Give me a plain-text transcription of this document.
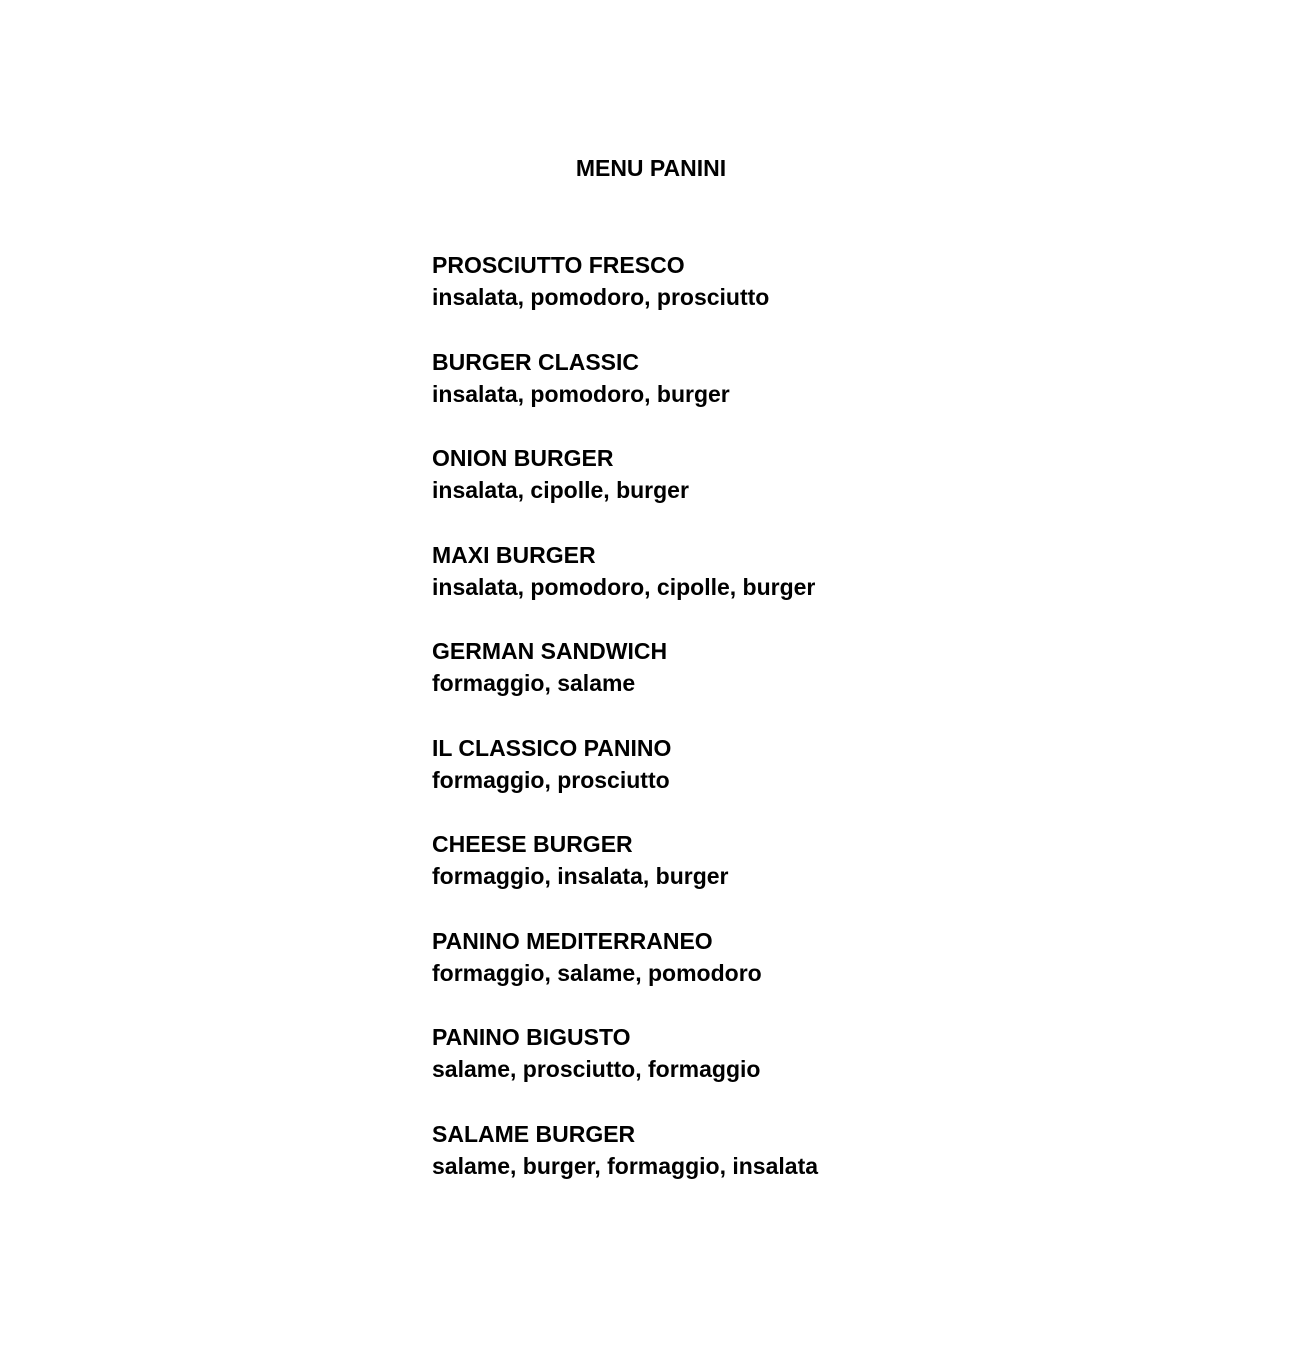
MENU PANINI
PROSCIUTTO FRESCO
insalata, pomodoro, prosciutto
BURGER CLASSIC
insalata, pomodoro, burger
ONION BURGER
insalata, cipolle, burger
MAXI BURGER
insalata, pomodoro, cipolle, burger
GERMAN SANDWICH
formaggio, salame
IL CLASSICO PANINO
formaggio, prosciutto
CHEESE BURGER
formaggio, insalata, burger
PANINO MEDITERRANEO
formaggio, salame, pomodoro
PANINO BIGUSTO
salame, prosciutto, formaggio
SALAME BURGER
salame, burger, formaggio, insalata
